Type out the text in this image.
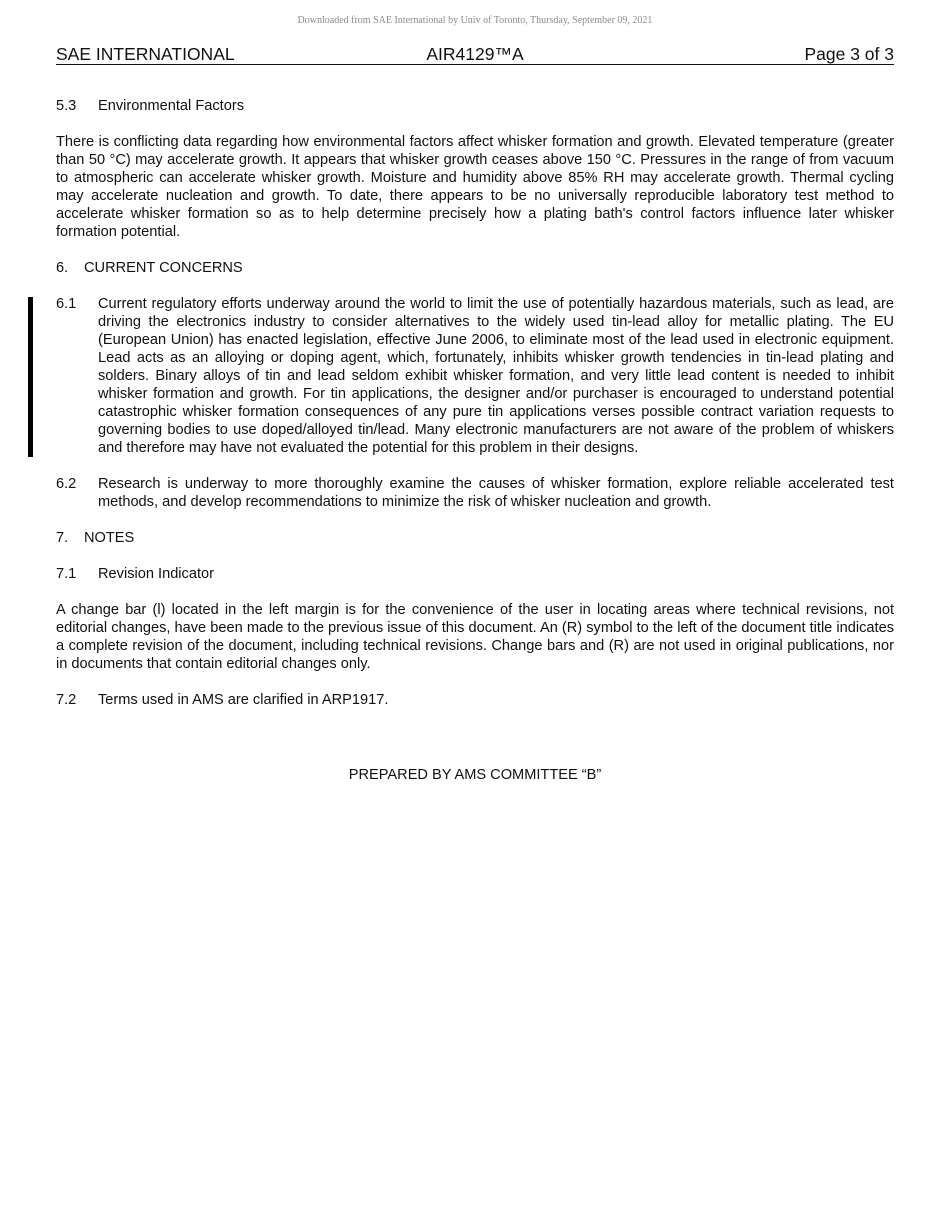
Downloaded from SAE International by Univ of Toronto, Thursday, September 09, 2021
SAE INTERNATIONAL	AIR4129™A	Page 3 of 3
5.3 Environmental Factors

There is conflicting data regarding how environmental factors affect whisker formation and growth. Elevated temperature (greater than 50 °C) may accelerate growth. It appears that whisker growth ceases above 150 °C. Pressures in the range of from vacuum to atmospheric can accelerate whisker growth. Moisture and humidity above 85% RH may accelerate growth. Thermal cycling may accelerate nucleation and growth. To date, there appears to be no universally reproducible laboratory test method to accelerate whisker formation so as to help determine precisely how a plating bath's control factors influence later whisker formation potential.

6. CURRENT CONCERNS
6.1	Current regulatory efforts underway around the world to limit the use of potentially hazardous materials, such as lead, are driving the electronics industry to consider alternatives to the widely used tin-lead alloy for metallic plating. The EU (European Union) has enacted legislation, effective June 2006, to eliminate most of the lead used in electronic equipment. Lead acts as an alloying or doping agent, which, fortunately, inhibits whisker growth tendencies in tin-lead plating and solders. Binary alloys of tin and lead seldom exhibit whisker formation, and very little lead content is needed to inhibit whisker formation and growth. For tin applications, the designer and/or purchaser is encouraged to understand potential catastrophic whisker formation consequences of any pure tin applications verses possible contract variation requests to governing bodies to use doped/alloyed tin/lead. Many electronic manufacturers are not aware of the problem of whiskers and therefore may have not evaluated the potential for this problem in their designs.
6.2	Research is underway to more thoroughly examine the causes of whisker formation, explore reliable accelerated test methods, and develop recommendations to minimize the risk of whisker nucleation and growth.
7. NOTES
7.1 Revision Indicator

A change bar (l) located in the left margin is for the convenience of the user in locating areas where technical revisions, not editorial changes, have been made to the previous issue of this document. An (R) symbol to the left of the document title indicates a complete revision of the document, including technical revisions. Change bars and (R) are not used in original publications, nor in documents that contain editorial changes only.

7.2	Terms used in AMS are clarified in ARP1917.
PREPARED BY AMS COMMITTEE “B”
